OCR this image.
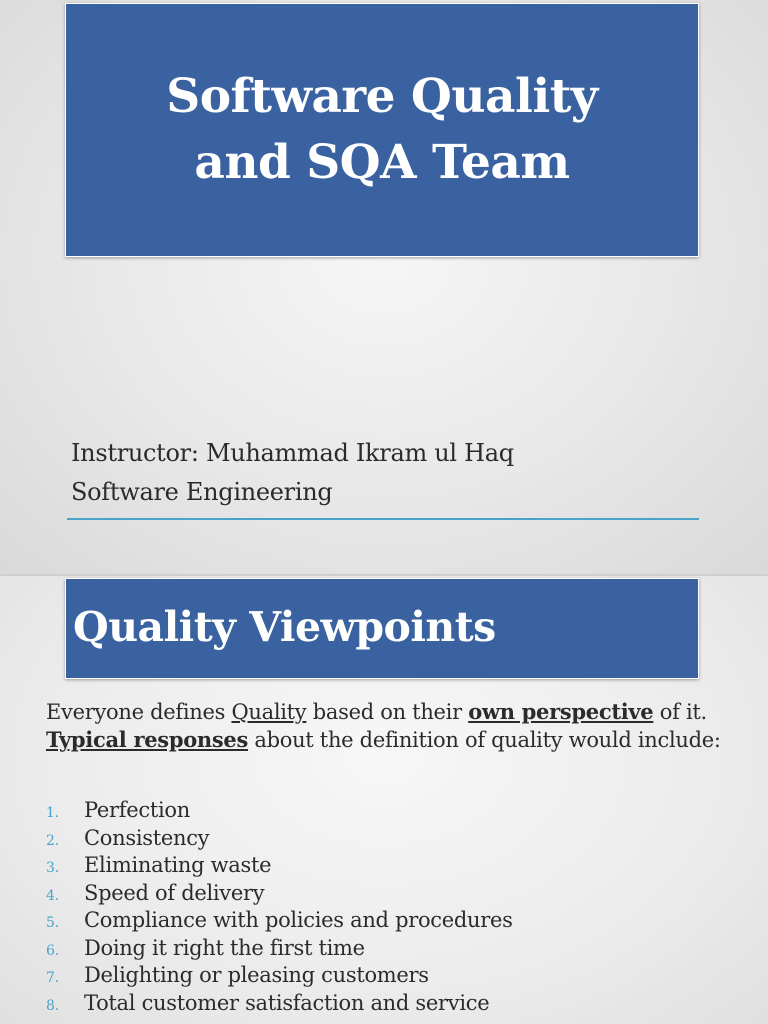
Software Quality
and SQA Team
Instructor: Muhammad Ikram ul Haq
Software Engineering
Quality Viewpoints
Everyone defines Quality based on their own perspective of it. Typical responses about the definition of quality would include:
1.	Perfection
2.	Consistency
3.	Eliminating waste
4.	Speed of delivery
5.	Compliance with policies and procedures
6.	Doing it right the first time
7.	Delighting or pleasing customers
8.	Total customer satisfaction and service
